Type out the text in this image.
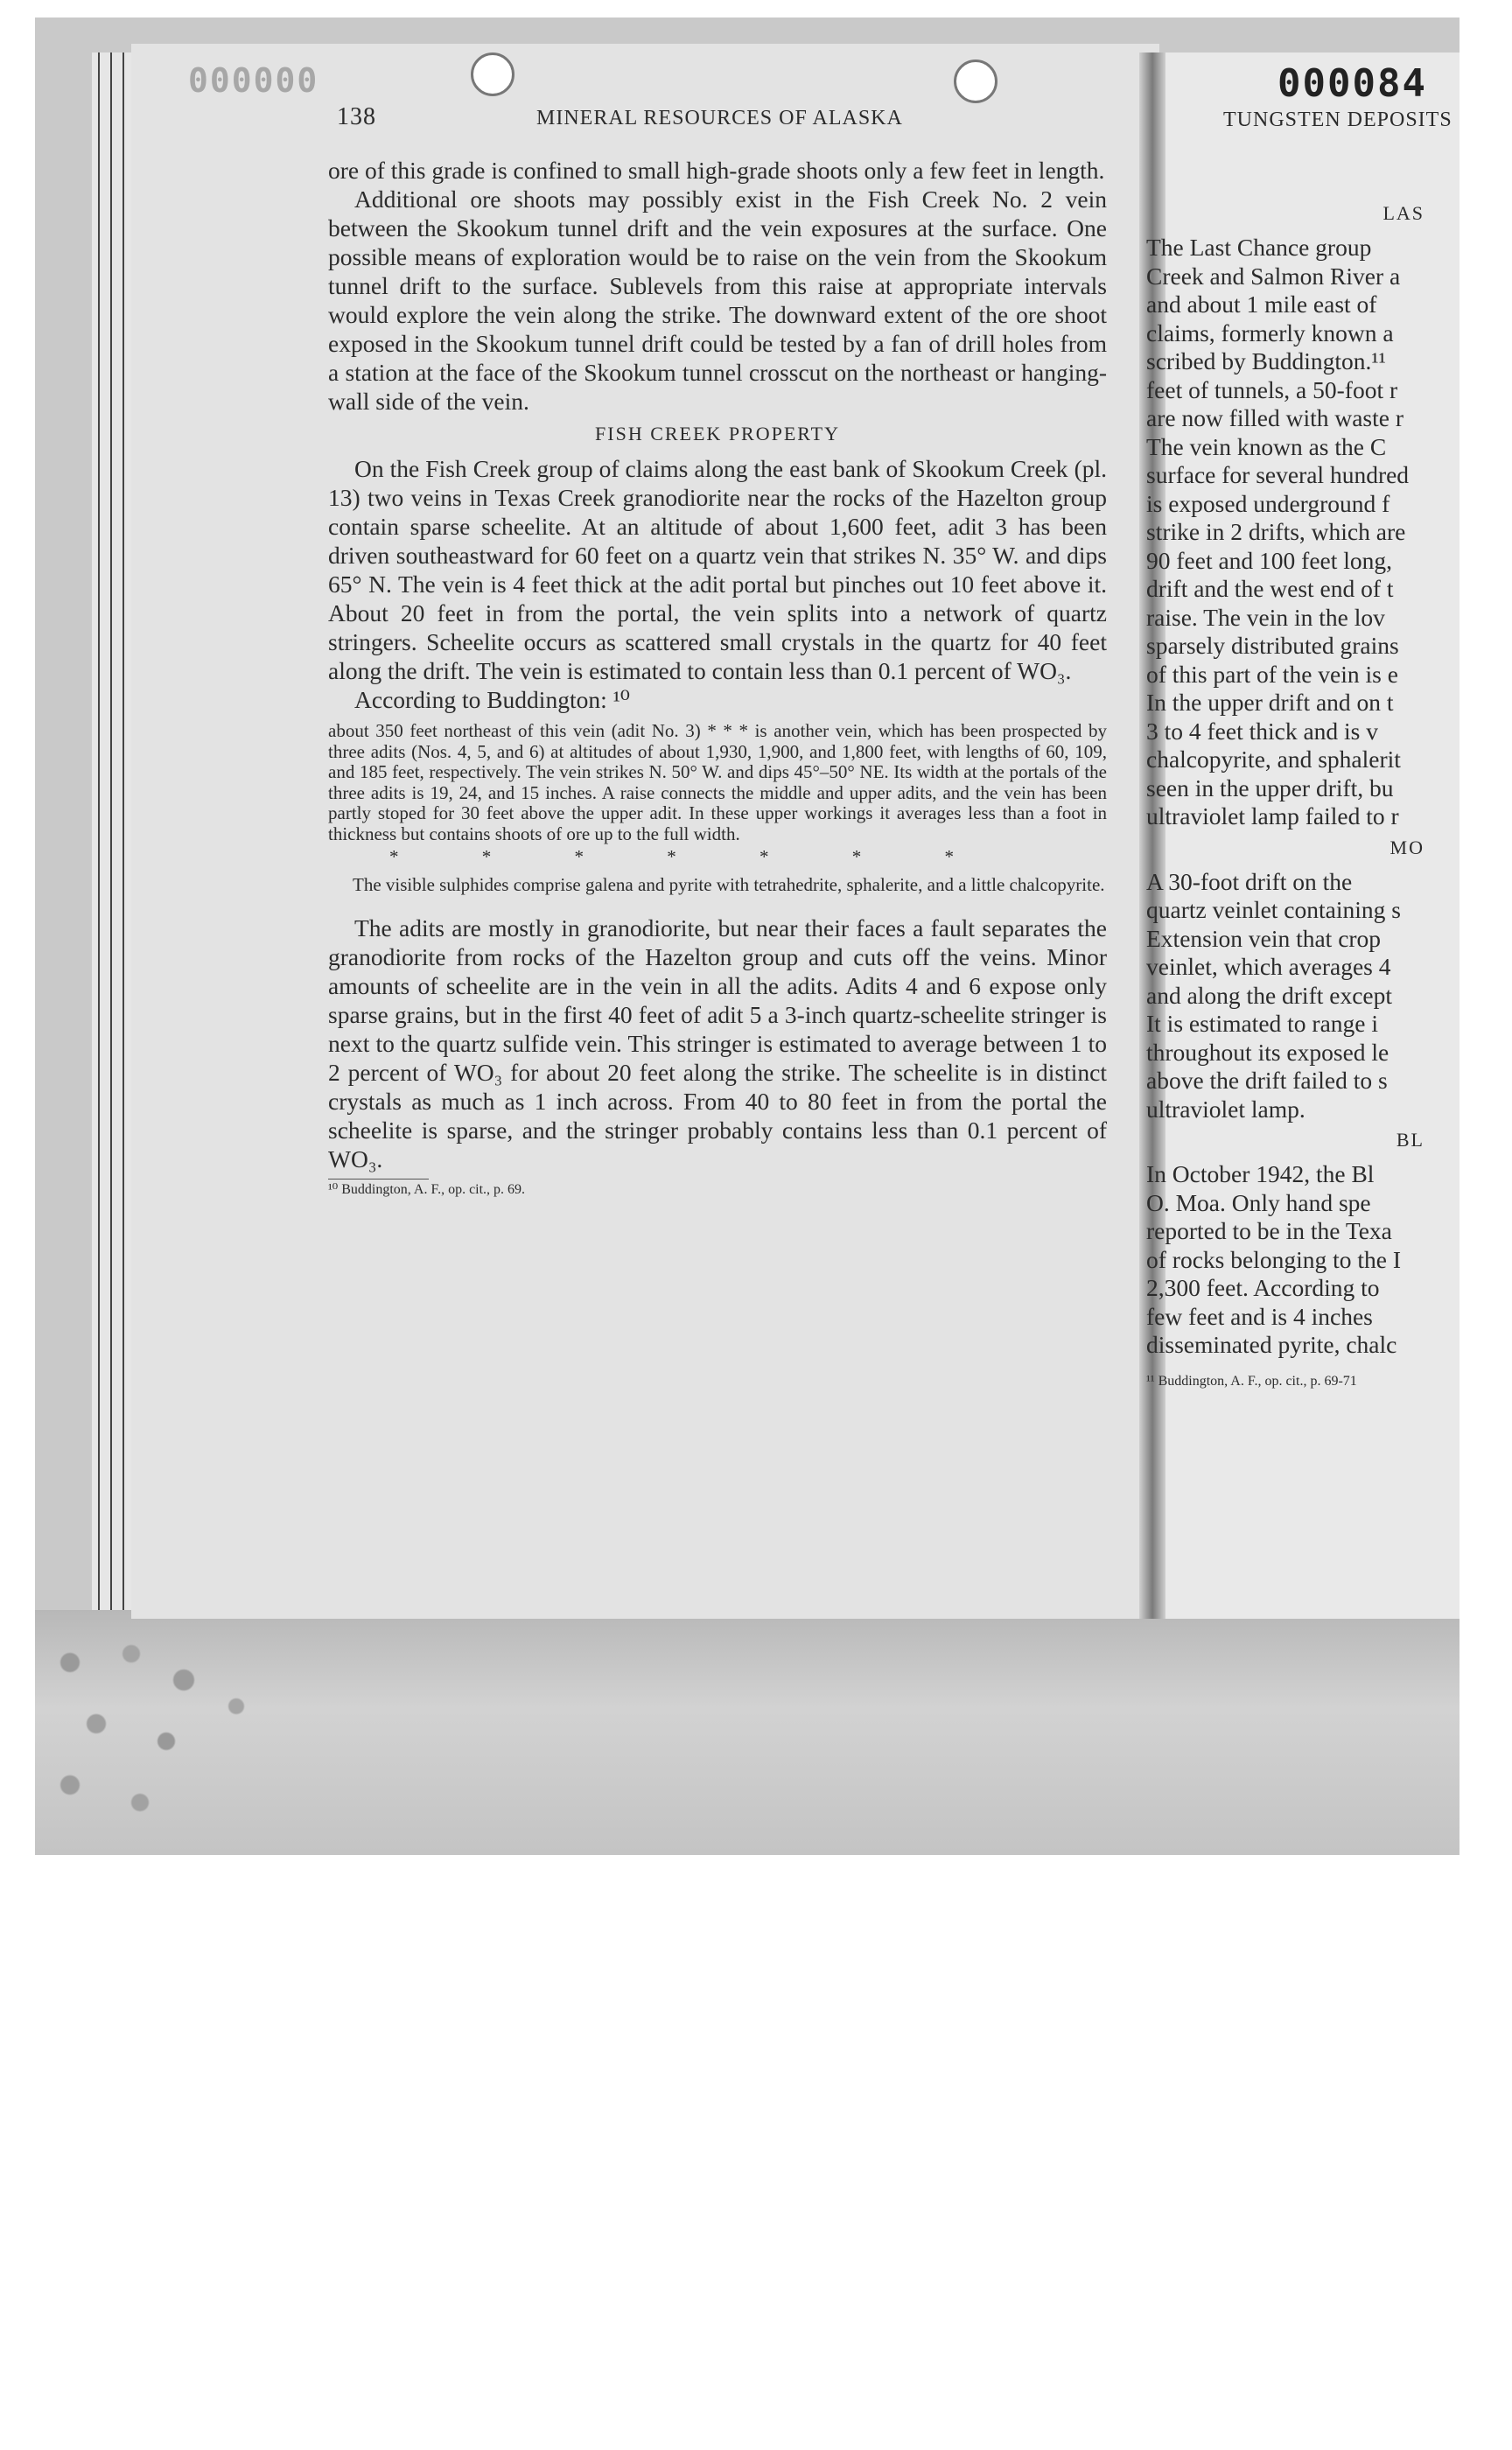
000000	000084
138	MINERAL RESOURCES OF ALASKA	TUNGSTEN DEPOSITS

ore of this grade is confined to small high-grade shoots only a few feet in length.

Additional ore shoots may possibly exist in the Fish Creek No. 2 vein between the Skookum tunnel drift and the vein exposures at the surface. One possible means of exploration would be to raise on the vein from the Skookum tunnel drift to the surface. Sublevels from this raise at appropriate intervals would explore the vein along the strike. The downward extent of the ore shoot exposed in the Skookum tunnel drift could be tested by a fan of drill holes from a station at the face of the Skookum tunnel crosscut on the northeast or hanging-wall side of the vein.

FISH CREEK PROPERTY

On the Fish Creek group of claims along the east bank of Skookum Creek (pl. 13) two veins in Texas Creek granodiorite near the rocks of the Hazelton group contain sparse scheelite. At an altitude of about 1,600 feet, adit 3 has been driven southeastward for 60 feet on a quartz vein that strikes N. 35° W. and dips 65° N. The vein is 4 feet thick at the adit portal but pinches out 10 feet above it. About 20 feet in from the portal, the vein splits into a network of quartz stringers. Scheelite occurs as scattered small crystals in the quartz for 40 feet along the drift. The vein is estimated to contain less than 0.1 percent of WO₃.

According to Buddington: ¹⁰

about 350 feet northeast of this vein (adit No. 3) * * * is another vein, which has been prospected by three adits (Nos. 4, 5, and 6) at altitudes of about 1,930, 1,900, and 1,800 feet, with lengths of 60, 109, and 185 feet, respectively. The vein strikes N. 50° W. and dips 45°–50° NE. Its width at the portals of the three adits is 19, 24, and 15 inches. A raise connects the middle and upper adits, and the vein has been partly stoped for 30 feet above the upper adit. In these upper workings it averages less than a foot in thickness but contains shoots of ore up to the full width.

* * * * * * *

The visible sulphides comprise galena and pyrite with tetrahedrite, sphalerite, and a little chalcopyrite.

The adits are mostly in granodiorite, but near their faces a fault separates the granodiorite from rocks of the Hazelton group and cuts off the veins. Minor amounts of scheelite are in the vein in all the adits. Adits 4 and 6 expose only sparse grains, but in the first 40 feet of adit 5 a 3-inch quartz-scheelite stringer is next to the quartz sulfide vein. This stringer is estimated to average between 1 to 2 percent of WO₃ for about 20 feet along the strike. The scheelite is in distinct crystals as much as 1 inch across. From 40 to 80 feet in from the portal the scheelite is sparse, and the stringer probably contains less than 0.1 percent of WO₃.

¹⁰ Buddington, A. F., op. cit., p. 69.
LAS
The Last Chance group
Creek and Salmon River a
and about 1 mile east of
claims, formerly known a
scribed by Buddington.¹¹
feet of tunnels, a 50-foot r
are now filled with waste r
The vein known as the C
surface for several hundred
is exposed underground f
strike in 2 drifts, which are
90 feet and 100 feet long,
drift and the west end of t
raise. The vein in the lov
sparsely distributed grains
of this part of the vein is e
In the upper drift and on t
3 to 4 feet thick and is v
chalcopyrite, and sphalerit
seen in the upper drift, bu
ultraviolet lamp failed to r
MO
A 30-foot drift on the
quartz veinlet containing s
Extension vein that crop
veinlet, which averages 4
and along the drift except
It is estimated to range i
throughout its exposed le
above the drift failed to s
ultraviolet lamp.
BL
In October 1942, the Bl
O. Moa. Only hand spe
reported to be in the Texa
of rocks belonging to the I
2,300 feet. According to
few feet and is 4 inches
disseminated pyrite, chalc
¹¹ Buddington, A. F., op. cit., p. 69-71
